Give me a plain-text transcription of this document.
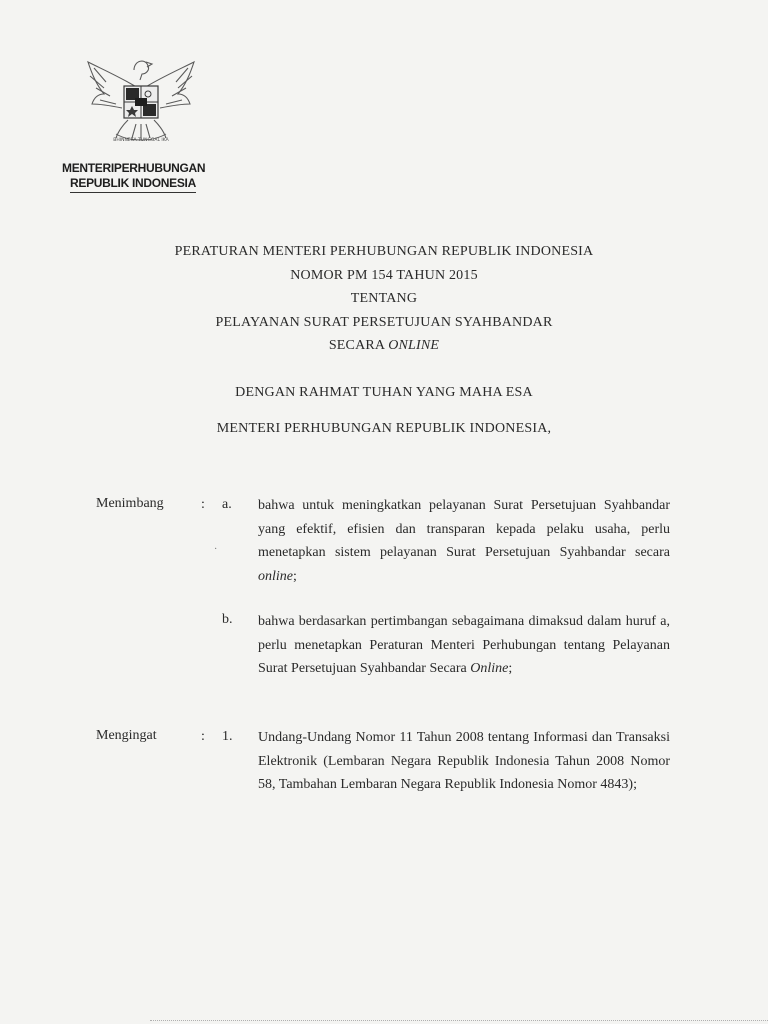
BHINNEKA TUNGGAL IKA
MENTERIPERHUBUNGAN
REPUBLIK INDONESIA
PERATURAN MENTERI PERHUBUNGAN REPUBLIK INDONESIA
NOMOR PM 154 TAHUN 2015
TENTANG
PELAYANAN SURAT PERSETUJUAN SYAHBANDAR
SECARA ONLINE
DENGAN RAHMAT TUHAN YANG MAHA ESA
MENTERI PERHUBUNGAN REPUBLIK INDONESIA,
Menimbang	: a. bahwa untuk meningkatkan pelayanan Surat Persetujuan Syahbandar yang efektif, efisien dan transparan kepada pelaku usaha, perlu menetapkan sistem pelayanan Surat Persetujuan Syahbandar secara online;
·
b. bahwa berdasarkan pertimbangan sebagaimana dimaksud dalam huruf a, perlu menetapkan Peraturan Menteri Perhubungan tentang Pelayanan Surat Persetujuan Syahbandar Secara Online;
Mengingat	: 1. Undang-Undang Nomor 11 Tahun 2008 tentang Informasi dan Transaksi Elektronik (Lembaran Negara Republik Indonesia Tahun 2008 Nomor 58, Tambahan Lembaran Negara Republik Indonesia Nomor 4843);
